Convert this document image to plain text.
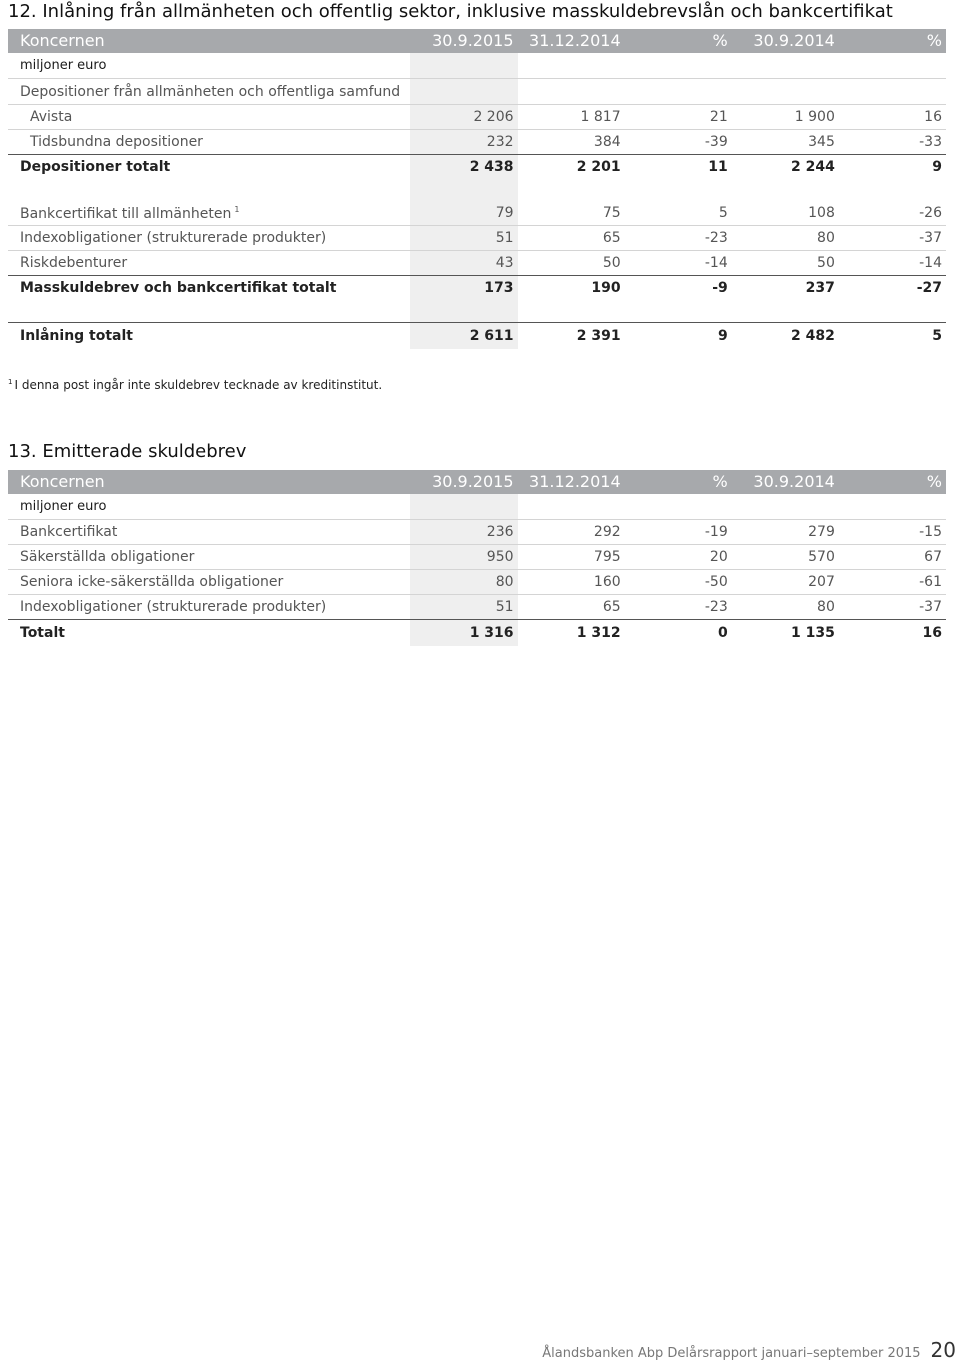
12. Inlåning från allmänheten och offentlig sektor, inklusive masskuldebrevslån och bankcertifikat
Koncernen	30.9.2015	31.12.2014	%	30.9.2014	%
miljoner euro					
Depositioner från allmänheten och offentliga samfund					
Avista	2 206	1 817	21	1 900	16
Tidsbundna depositioner	232	384	-39	345	-33
Depositioner totalt	2 438	2 201	11	2 244	9

Bankcertifikat till allmänheten $^1$	79	75	5	108	-26
Indexobligationer (strukturerade produkter)	51	65	-23	80	-37
Riskdebenturer	43	50	-14	50	-14
Masskuldebrev och bankcertifikat totalt	173	190	-9	237	-27

Inlåning totalt	2 611	2 391	9	2 482	5
$^1$ I denna post ingår inte skuldebrev tecknade av kreditinstitut.
13. Emitterade skuldebrev
Koncernen	30.9.2015	31.12.2014	%	30.9.2014	%
miljoner euro					
Bankcertifikat	236	292	-19	279	-15
Säkerställda obligationer	950	795	20	570	67
Seniora icke-säkerställda obligationer	80	160	-50	207	-61
Indexobligationer (strukturerade produkter)	51	65	-23	80	-37
Totalt	1 316	1 312	0	1 135	16
Ålandsbanken Abp Delårsrapport januari–september 2015 20
